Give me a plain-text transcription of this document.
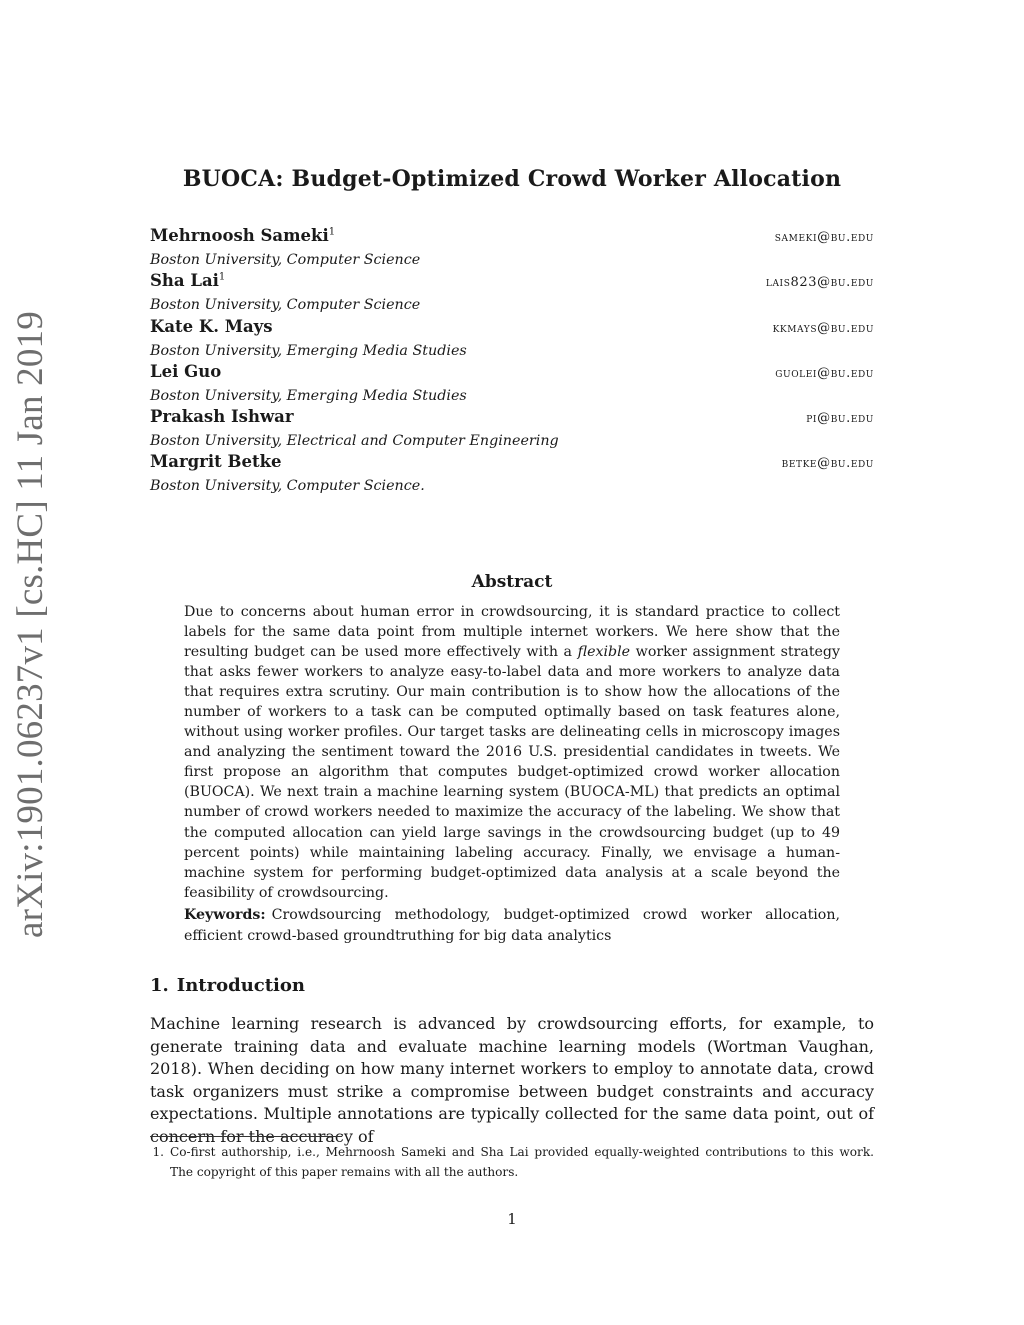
arXiv:1901.06237v1 [cs.HC] 11 Jan 2019
BUOCA: Budget-Optimized Crowd Worker Allocation
Mehrnoosh Sameki$^1$	sameki@bu.edu
Boston University, Computer Science
Sha Lai$^1$	lais823@bu.edu
Boston University, Computer Science
Kate K. Mays	kkmays@bu.edu
Boston University, Emerging Media Studies
Lei Guo	guolei@bu.edu
Boston University, Emerging Media Studies
Prakash Ishwar	pi@bu.edu
Boston University, Electrical and Computer Engineering
Margrit Betke	betke@bu.edu
Boston University, Computer Science.
Abstract

Due to concerns about human error in crowdsourcing, it is standard practice to collect labels for the same data point from multiple internet workers. We here show that the resulting budget can be used more effectively with a flexible worker assignment strategy that asks fewer workers to analyze easy-to-label data and more workers to analyze data that requires extra scrutiny. Our main contribution is to show how the allocations of the number of workers to a task can be computed optimally based on task features alone, without using worker profiles. Our target tasks are delineating cells in microscopy images and analyzing the sentiment toward the 2016 U.S. presidential candidates in tweets. We first propose an algorithm that computes budget-optimized crowd worker allocation (BUOCA). We next train a machine learning system (BUOCA-ML) that predicts an optimal number of crowd workers needed to maximize the accuracy of the labeling. We show that the computed allocation can yield large savings in the crowdsourcing budget (up to 49 percent points) while maintaining labeling accuracy. Finally, we envisage a human-machine system for performing budget-optimized data analysis at a scale beyond the feasibility of crowdsourcing.

Keywords: Crowdsourcing methodology, budget-optimized crowd worker allocation, efficient crowd-based groundtruthing for big data analytics

1. Introduction

Machine learning research is advanced by crowdsourcing efforts, for example, to generate training data and evaluate machine learning models (Wortman Vaughan, 2018). When deciding on how many internet workers to employ to annotate data, crowd task organizers must strike a compromise between budget constraints and accuracy expectations. Multiple annotations are typically collected for the same data point, out of concern for the accuracy of

1. Co-first authorship, i.e., Mehrnoosh Sameki and Sha Lai provided equally-weighted contributions to this work. The copyright of this paper remains with all the authors.

1
